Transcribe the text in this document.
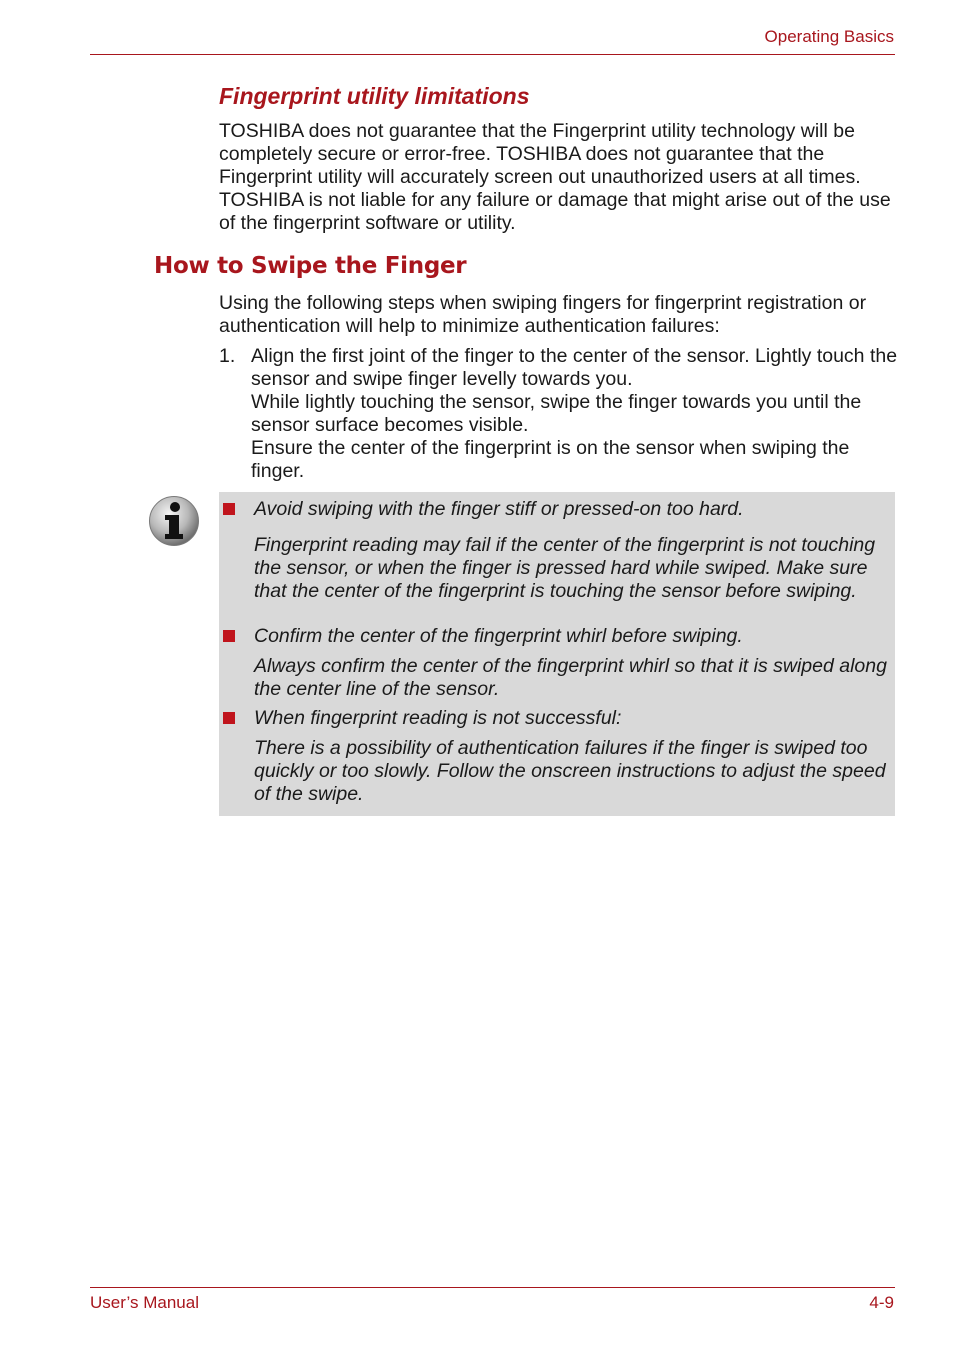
Operating Basics
Fingerprint utility limitations

TOSHIBA does not guarantee that the Fingerprint utility technology will be completely secure or error-free. TOSHIBA does not guarantee that the Fingerprint utility will accurately screen out unauthorized users at all times. TOSHIBA is not liable for any failure or damage that might arise out of the use of the fingerprint software or utility.

How to Swipe the Finger

Using the following steps when swiping fingers for fingerprint registration or authentication will help to minimize authentication failures:

1. Align the first joint of the finger to the center of the sensor. Lightly touch the sensor and swipe finger levelly towards you.
While lightly touching the sensor, swipe the finger towards you until the sensor surface becomes visible.
Ensure the center of the fingerprint is on the sensor when swiping the finger.
Avoid swiping with the finger stiff or pressed-on too hard.
Fingerprint reading may fail if the center of the fingerprint is not touching the sensor, or when the finger is pressed hard while swiped. Make sure that the center of the fingerprint is touching the sensor before swiping.
Confirm the center of the fingerprint whirl before swiping.
Always confirm the center of the fingerprint whirl so that it is swiped along the center line of the sensor.
When fingerprint reading is not successful:
There is a possibility of authentication failures if the finger is swiped too quickly or too slowly. Follow the onscreen instructions to adjust the speed of the swipe.
User’s Manual	4-9
